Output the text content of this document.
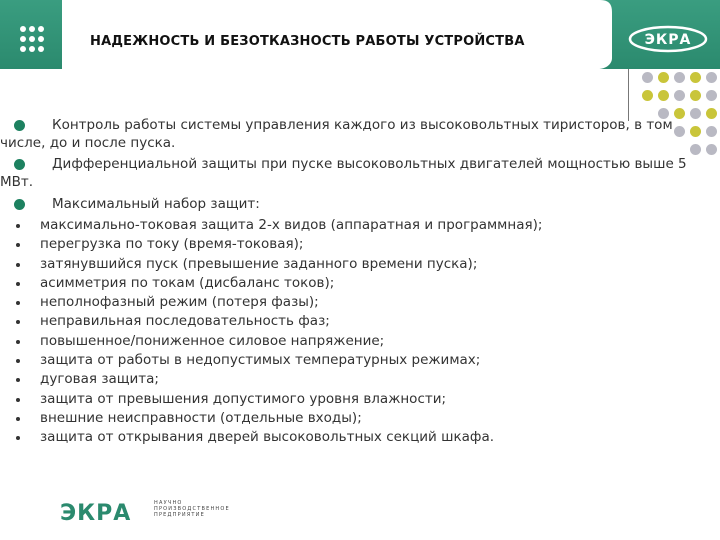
НАДЕЖНОСТЬ И БЕЗОТКАЗНОСТЬ РАБОТЫ УСТРОЙСТВА	ЭКРА
Контроль работы системы управления каждого из высоковольтных тиристоров, в том числе, до и после пуска.
Дифференциальной защиты при пуске высоковольтных двигателей мощностью выше 5 МВт.
Максимальный набор защит:
максимально-токовая защита 2-х видов (аппаратная и программная);
перегрузка по току (время-токовая);
затянувшийся пуск (превышение заданного времени пуска);
асимметрия по токам (дисбаланс токов);
неполнофазный режим (потеря фазы);
неправильная последовательность фаз;
повышенное/пониженное силовое напряжение;
защита от работы в недопустимых температурных режимах;
дуговая защита;
защита от превышения допустимого уровня влажности;
внешние неисправности (отдельные входы);
защита от открывания дверей высоковольтных секций шкафа.
ЭКРА	НАУЧНО
ПРОИЗВОДСТВЕННОЕ
ПРЕДПРИЯТИЕ
